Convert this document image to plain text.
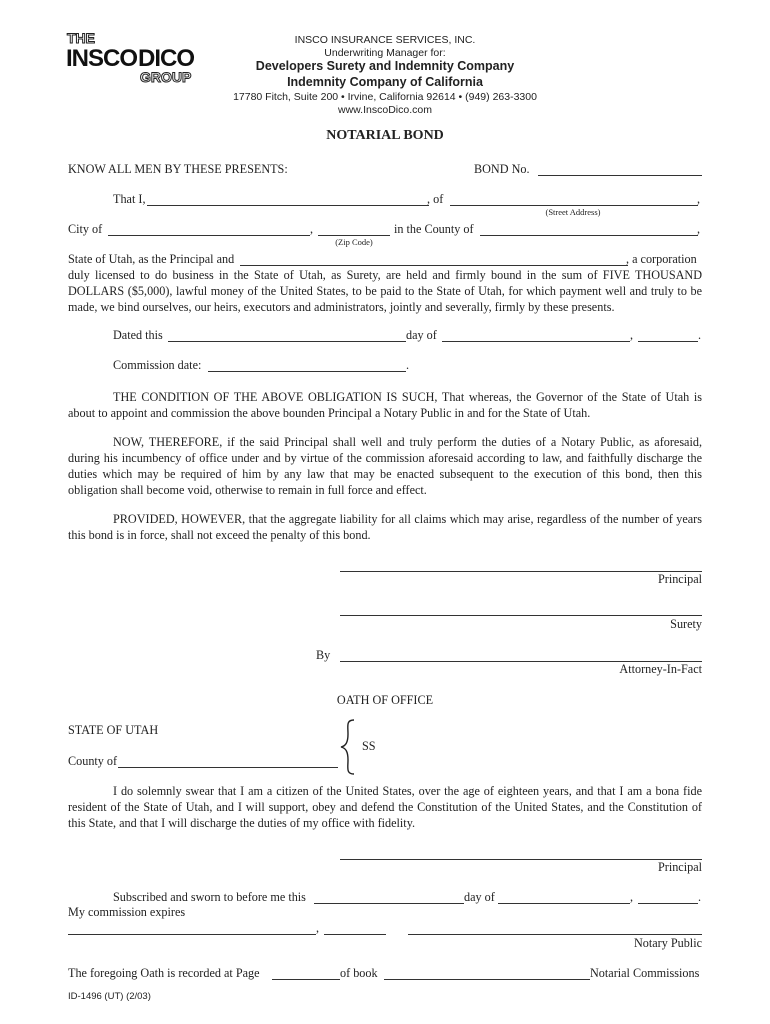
THE
INSCO DICO
GROUP
INSCO INSURANCE SERVICES, INC.
Underwriting Manager for:
Developers Surety and Indemnity Company
Indemnity Company of California
17780 Fitch, Suite 200 • Irvine, California 92614 • (949) 263-3300
www.InscoDico.com
NOTARIAL BOND
KNOW ALL MEN BY THESE PRESENTS:	BOND No.
That I,	, of	,
(Street Address)
City of	,	in the County of	,
(Zip Code)
State of Utah, as the Principal and	, a corporation
duly licensed to do business in the State of Utah, as Surety, are held and firmly bound in the sum of FIVE THOUSAND DOLLARS ($5,000), lawful money of the United States, to be paid to the State of Utah, for which payment well and truly to be made, we bind ourselves, our heirs, executors and administrators, jointly and severally, firmly by these presents.
Dated this	day of	,	.
Commission date:	.
THE CONDITION OF THE ABOVE OBLIGATION IS SUCH, That whereas, the Governor of the State of Utah is about to appoint and commission the above bounden Principal a Notary Public in and for the State of Utah.
NOW, THEREFORE, if the said Principal shall well and truly perform the duties of a Notary Public, as aforesaid, during his incumbency of office under and by virtue of the commission aforesaid according to law, and faithfully discharge the duties which may be required of him by any law that may be enacted subsequent to the execution of this bond, then this obligation shall become void, otherwise to remain in full force and effect.
PROVIDED, HOWEVER, that the aggregate liability for all claims which may arise, regardless of the number of years this bond is in force, shall not exceed the penalty of this bond.
Principal
Surety
By
Attorney-In-Fact
OATH OF OFFICE
STATE OF UTAH
County of
SS
I do solemnly swear that I am a citizen of the United States, over the age of eighteen years, and that I am a bona fide resident of the State of Utah, and I will support, obey and defend the Constitution of the United States, and the Constitution of this State, and that I will discharge the duties of my office with fidelity.
Principal
Subscribed and sworn to before me this	day of	,	.
My commission expires
,
Notary Public
The foregoing Oath is recorded at Page	of book	Notarial Commissions
ID-1496 (UT) (2/03)
